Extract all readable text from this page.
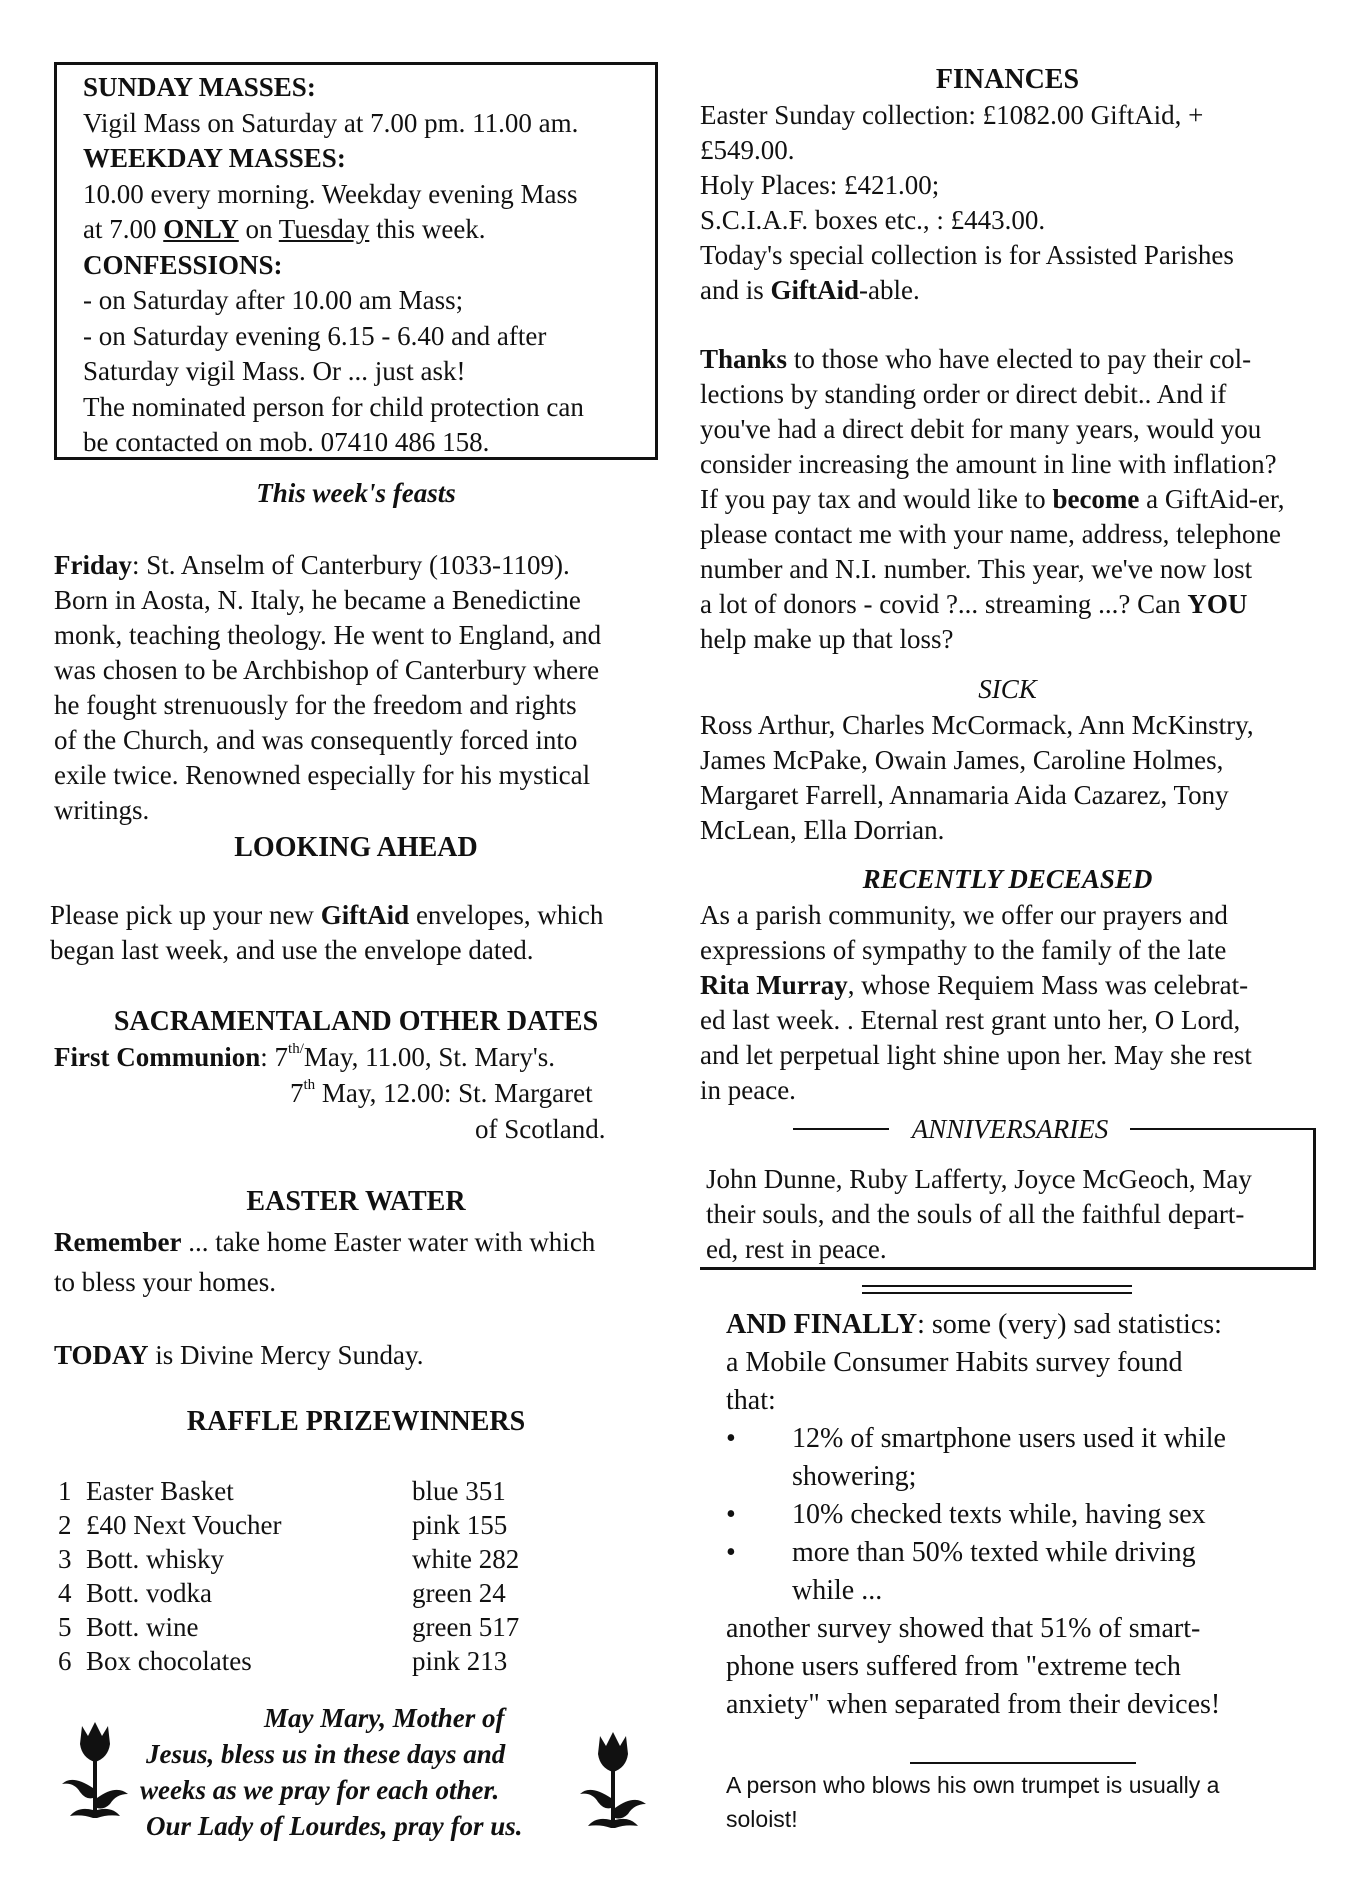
SUNDAY MASSES:
Vigil Mass on Saturday at 7.00 pm. 11.00 am.
WEEKDAY MASSES:
10.00 every morning. Weekday evening Mass
at 7.00 ONLY on Tuesday this week.
CONFESSIONS:
- on Saturday after 10.00 am Mass;
- on Saturday evening 6.15 - 6.40 and after
Saturday vigil Mass. Or ... just ask!
The nominated person for child protection can
be contacted on mob. 07410 486 158.
This week's feasts
Friday: St. Anselm of Canterbury (1033-1109).
Born in Aosta, N. Italy, he became a Benedictine
monk, teaching theology. He went to England, and
was chosen to be Archbishop of Canterbury where
he fought strenuously for the freedom and rights
of the Church, and was consequently forced into
exile twice. Renowned especially for his mystical
writings.
LOOKING AHEAD
Please pick up your new GiftAid envelopes, which
began last week, and use the envelope dated.
SACRAMENTALAND OTHER DATES
First Communion: $7^{th/}May$, 11.00, St. Mary's.
7th May, 12.00: St. Margaret
of Scotland.
EASTER WATER
Remember ... take home Easter water with which
to bless your homes.
TODAY is Divine Mercy Sunday.
RAFFLE PRIZEWINNERS
1 Easter Basket	blue 351
2 £40 Next Voucher	pink 155
3 Bott. whisky	white 282
4 Bott. vodka	green 24
5 Bott. wine	green 517
6 Box chocolates	pink 213
May Mary, Mother of
Jesus, bless us in these days and
weeks as we pray for each other.
Our Lady of Lourdes, pray for us.
FINANCES
Easter Sunday collection: £1082.00 GiftAid, +
£549.00.
Holy Places: £421.00;
S.C.I.A.F. boxes etc., : £443.00.
Today's special collection is for Assisted Parishes
and is GiftAid-able.
Thanks to those who have elected to pay their col-
lections by standing order or direct debit.. And if
you've had a direct debit for many years, would you
consider increasing the amount in line with inflation?
If you pay tax and would like to become a GiftAid-er,
please contact me with your name, address, telephone
number and N.I. number. This year, we've now lost
a lot of donors - covid ?... streaming ...? Can YOU
help make up that loss?
SICK
Ross Arthur, Charles McCormack, Ann McKinstry,
James McPake, Owain James, Caroline Holmes,
Margaret Farrell, Annamaria Aida Cazarez, Tony
McLean, Ella Dorrian.
RECENTLY DECEASED
As a parish community, we offer our prayers and
expressions of sympathy to the family of the late
Rita Murray, whose Requiem Mass was celebrat-
ed last week. . Eternal rest grant unto her, O Lord,
and let perpetual light shine upon her. May she rest
in peace.
ANNIVERSARIES
John Dunne, Ruby Lafferty, Joyce McGeoch, May
their souls, and the souls of all the faithful depart-
ed, rest in peace.
AND FINALLY: some (very) sad statistics:
a Mobile Consumer Habits survey found
that:
• 12% of smartphone users used it while
showering;
• 10% checked texts while, having sex
• more than 50% texted while driving
while ...
another survey showed that 51% of smart-
phone users suffered from "extreme tech
anxiety" when separated from their devices!
A person who blows his own trumpet is usually a
soloist!
